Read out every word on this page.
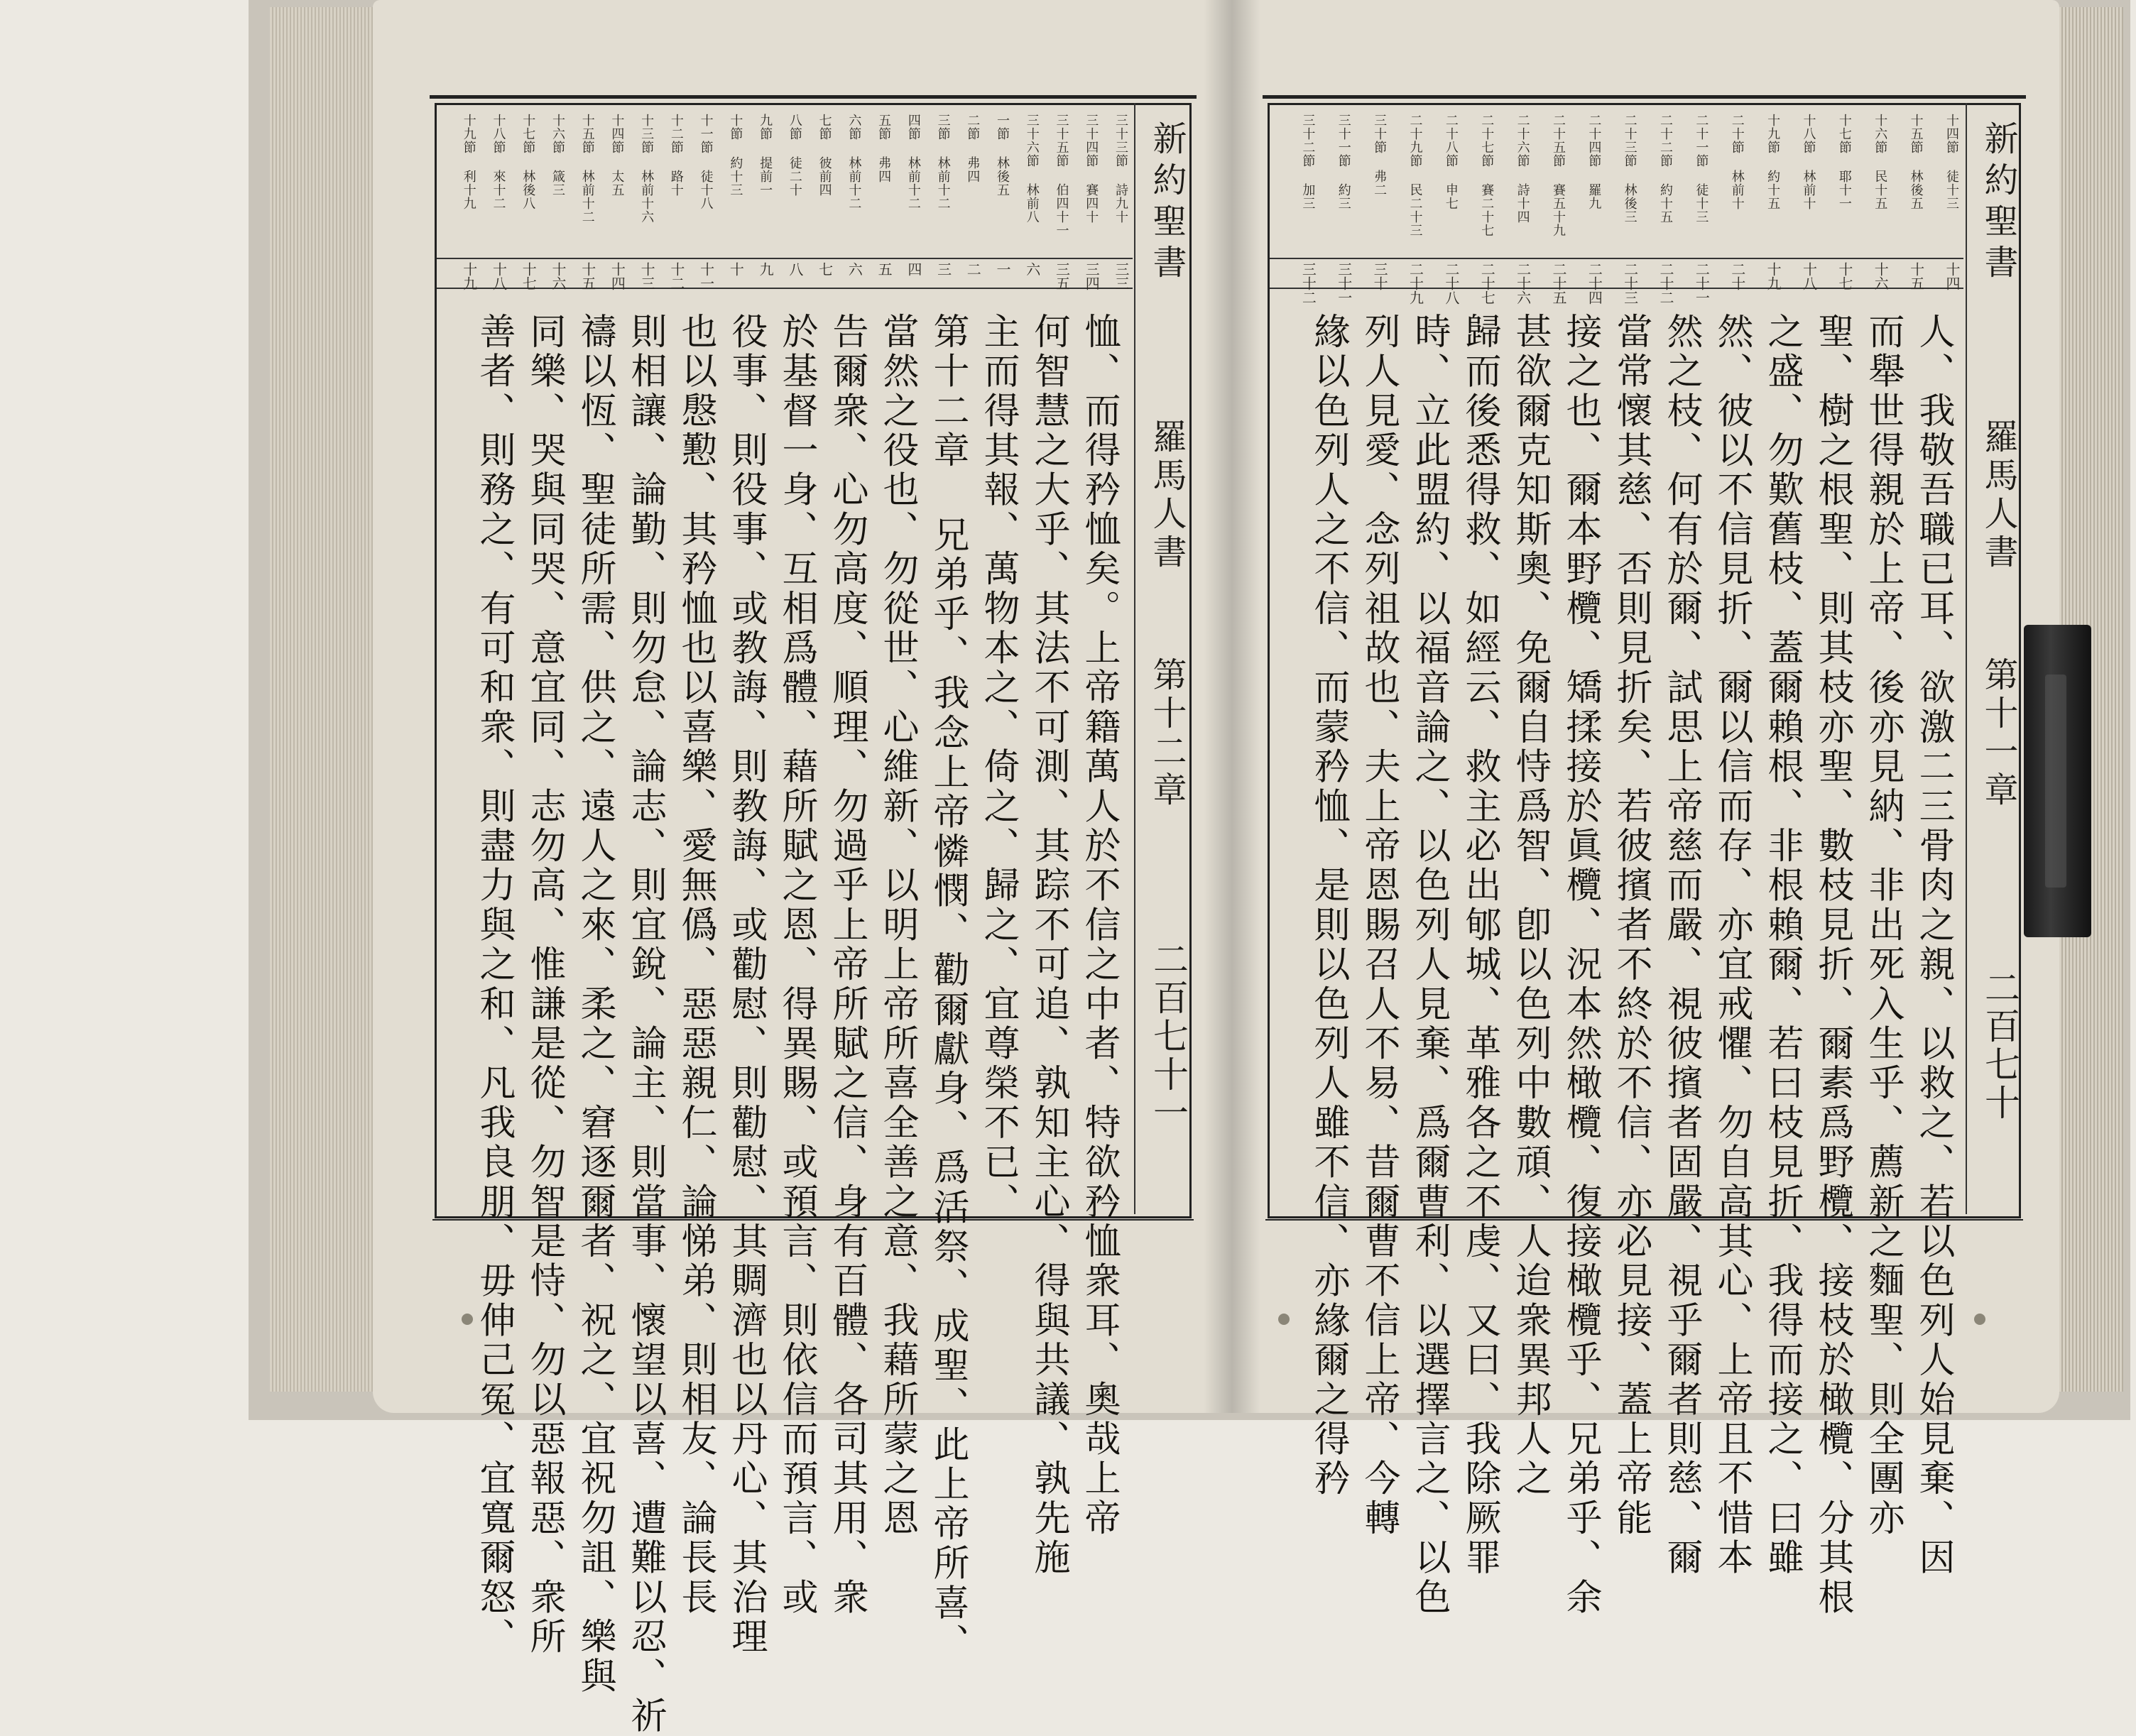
三十三節 詩九十
三十四節 賽四十
三十五節 伯四十一
三十六節 林前八
一節 林後五
二節 弗四
三節 林前十二
四節 林前十二
五節 弗四
六節 林前十二
七節 彼前四
八節 徒二十
九節 提前一
十節 約十三
十一節 徒十八
十二節 路十
十三節 林前十六
十四節 太五
十五節 林前十二
十六節 箴三
十七節 林後八
十八節 來十二
十九節 利十九
三三
三四
三五
六
一
二
三
四
五
六
七
八
九
十
十一
十二
十三
十四
十五
十六
十七
十八
十九	新約聖書
羅馬人書
第十二章
二百七十一
恤、而得矜恤矣。上帝籍萬人於不信之中者、特欲矜恤衆耳、奧哉上帝
何智慧之大乎、其法不可測、其踪不可追、孰知主心、得與共議、孰先施
主而得其報、萬物本之、倚之、歸之、宜尊榮不已、
第十二章 兄弟乎、我念上帝憐憫、勸爾獻身、爲活祭、成聖、此上帝所喜、
當然之役也、勿從世、心維新、以明上帝所喜全善之意、我藉所蒙之恩
告爾衆、心勿高度、順理、勿過乎上帝所賦之信、身有百體、各司其用、衆
於基督一身、互相爲體、藉所賦之恩、得異賜、或預言、則依信而預言、或
役事、則役事、或教誨、則教誨、或勸慰、則勸慰、其賙濟也以丹心、其治理
也以慇懃、其矜恤也以喜樂、愛無僞、惡惡親仁、論悌弟、則相友、論長長
則相讓、論勤、則勿怠、論志、則宜銳、論主、則當事、懷望以喜、遭難以忍、祈
禱以恆、聖徒所需、供之、遠人之來、柔之、窘逐爾者、祝之、宜祝勿詛、樂與
同樂、哭與同哭、意宜同、志勿高、惟謙是從、勿智是恃、勿以惡報惡、衆所
善者、則務之、有可和衆、則盡力與之和、凡我良朋、毋伸己冤、宜寬爾怒、
十四節 徒十三
十五節 林後五
十六節 民十五
十七節 耶十一
十八節 林前十
十九節 約十五
二十節 林前十
二十一節 徒十三
二十二節 約十五
二十三節 林後三
二十四節 羅九
二十五節 賽五十九
二十六節 詩十四
二十七節 賽二十七
二十八節 申七
二十九節 民二十三
三十節 弗二
三十一節 約三
三十二節 加三
十四
十五
十六
十七
十八
十九
二十
二十一
二十二
二十三
二十四
二十五
二十六
二十七
二十八
二十九
三十
三十一
三十二	新約聖書
羅馬人書
第十一章
二百七十
人、我敬吾職已耳、欲激二三骨肉之親、以救之、若以色列人始見棄、因
而舉世得親於上帝、後亦見納、非出死入生乎、薦新之麵聖、則全團亦
聖、樹之根聖、則其枝亦聖、數枝見折、爾素爲野欖、接枝於橄欖、分其根
之盛、勿歎舊枝、蓋爾賴根、非根賴爾、若曰枝見折、我得而接之、曰雖
然、彼以不信見折、爾以信而存、亦宜戒懼、勿自高其心、上帝且不惜本
然之枝、何有於爾、試思上帝慈而嚴、視彼擯者固嚴、視乎爾者則慈、爾
當常懷其慈、否則見折矣、若彼擯者不終於不信、亦必見接、蓋上帝能
接之也、爾本野欖、矯揉接於眞欖、況本然橄欖、復接橄欖乎、兄弟乎、余
甚欲爾克知斯奧、免爾自恃爲智、卽以色列中數頑、人迨衆異邦人之
歸而後悉得救、如經云、救主必出郇城、革雅各之不虔、又曰、我除厥罪
時、立此盟約、以福音論之、以色列人見棄、爲爾曹利、以選擇言之、以色
列人見愛、念列祖故也、夫上帝恩賜召人不易、昔爾曹不信上帝、今轉
緣以色列人之不信、而蒙矜恤、是則以色列人雖不信、亦緣爾之得矜
